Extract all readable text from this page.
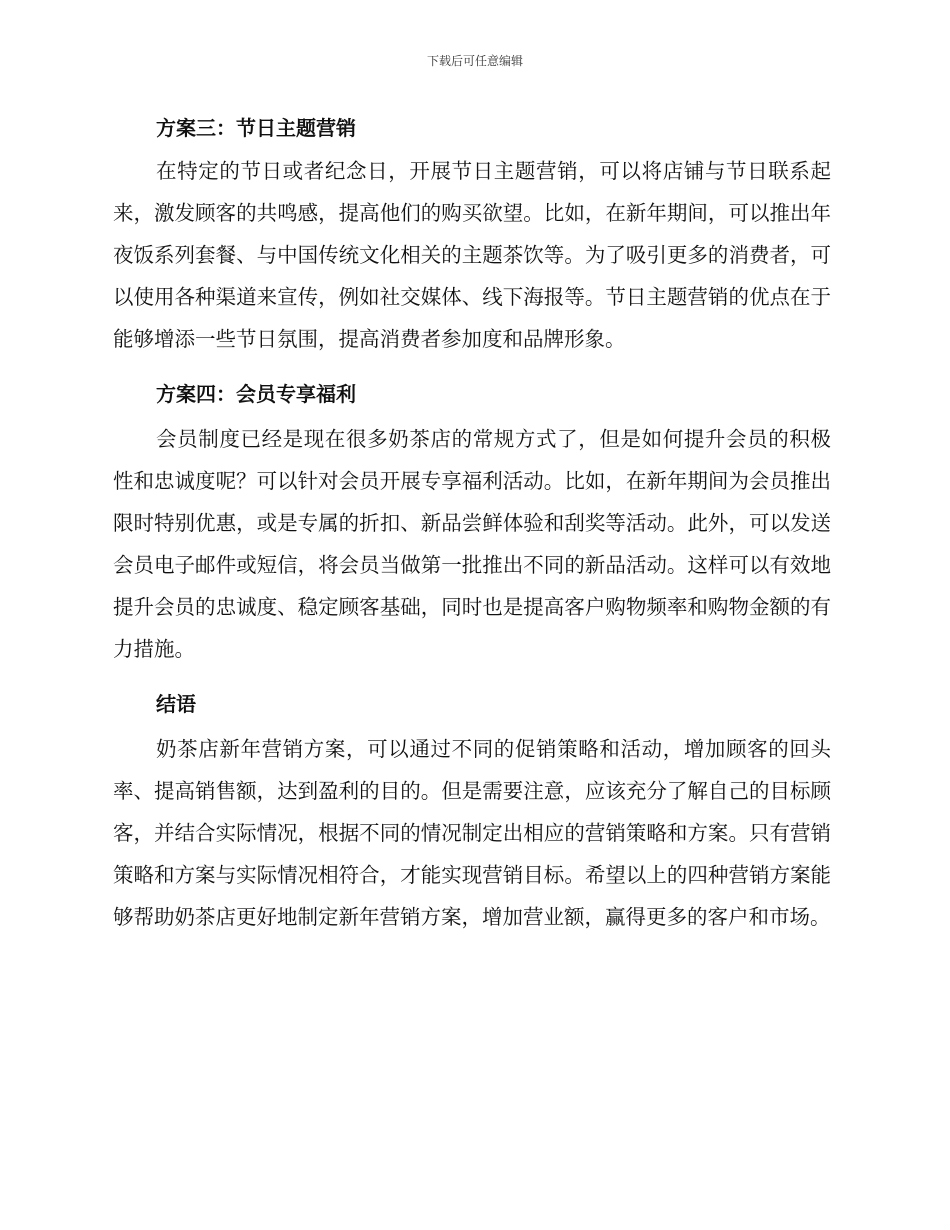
下载后可任意编辑
方案三：节日主题营销

在特定的节日或者纪念日，开展节日主题营销，可以将店铺与节日联系起来，激发顾客的共鸣感，提高他们的购买欲望。比如，在新年期间，可以推出年夜饭系列套餐、与中国传统文化相关的主题茶饮等。为了吸引更多的消费者，可以使用各种渠道来宣传，例如社交媒体、线下海报等。节日主题营销的优点在于能够增添一些节日氛围，提高消费者参加度和品牌形象。

方案四：会员专享福利

会员制度已经是现在很多奶茶店的常规方式了，但是如何提升会员的积极性和忠诚度呢？可以针对会员开展专享福利活动。比如，在新年期间为会员推出限时特别优惠，或是专属的折扣、新品尝鲜体验和刮奖等活动。此外，可以发送会员电子邮件或短信，将会员当做第一批推出不同的新品活动。这样可以有效地提升会员的忠诚度、稳定顾客基础，同时也是提高客户购物频率和购物金额的有力措施。

结语

奶茶店新年营销方案，可以通过不同的促销策略和活动，增加顾客的回头率、提高销售额，达到盈利的目的。但是需要注意，应该充分了解自己的目标顾客，并结合实际情况，根据不同的情况制定出相应的营销策略和方案。只有营销策略和方案与实际情况相符合，才能实现营销目标。希望以上的四种营销方案能够帮助奶茶店更好地制定新年营销方案，增加营业额，赢得更多的客户和市场。
